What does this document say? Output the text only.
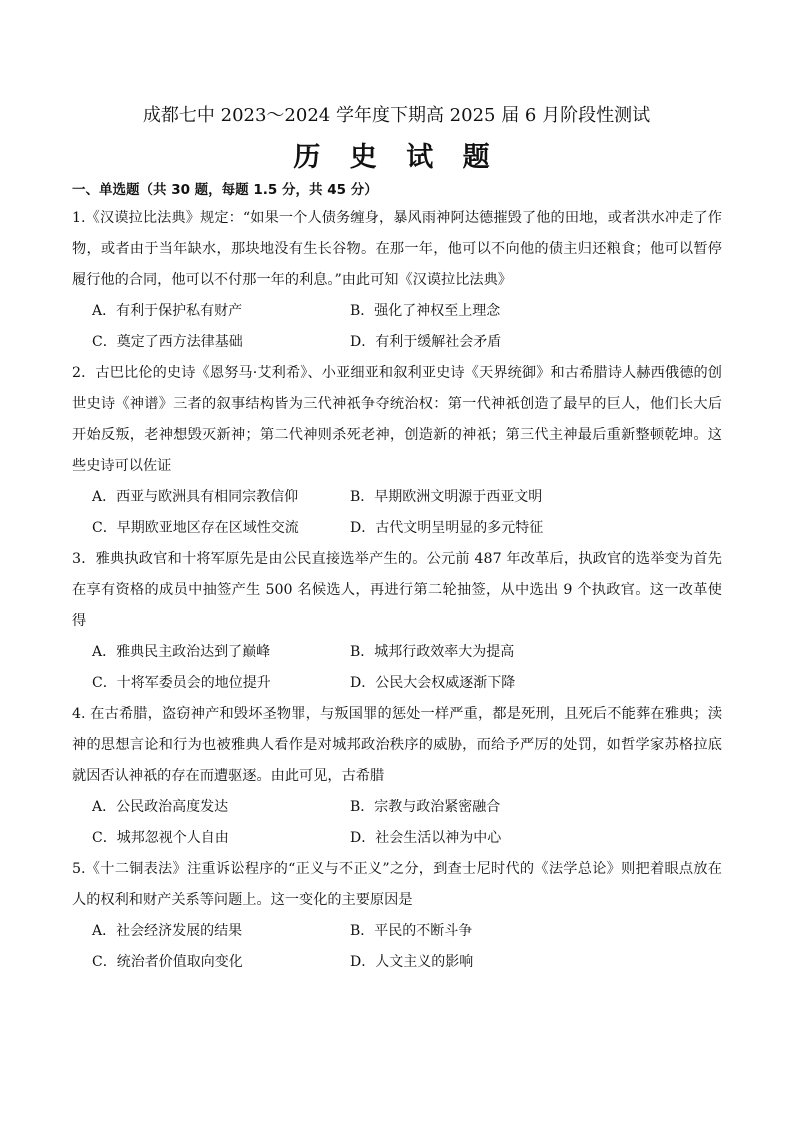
成都七中 2023～2024 学年度下期高 2025 届 6 月阶段性测试
历 史 试 题
一、单选题（共 30 题，每题 1.5 分，共 45 分）

1.《汉谟拉比法典》规定：“如果一个人债务缠身，暴风雨神阿达德摧毁了他的田地，或者洪水冲走了作物，或者由于当年缺水，那块地没有生长谷物。在那一年，他可以不向他的债主归还粮食；他可以暂停履行他的合同，他可以不付那一年的利息。”由此可知《汉谟拉比法典》

A．有利于保护私有财产	B．强化了神权至上理念
C．奠定了西方法律基础	D．有利于缓解社会矛盾

2．古巴比伦的史诗《恩努马·艾利希》、小亚细亚和叙利亚史诗《天界统御》和古希腊诗人赫西俄德的创世史诗《神谱》三者的叙事结构皆为三代神祇争夺统治权：第一代神祇创造了最早的巨人，他们长大后开始反叛，老神想毁灭新神；第二代神则杀死老神，创造新的神祇；第三代主神最后重新整顿乾坤。这些史诗可以佐证

A．西亚与欧洲具有相同宗教信仰	B．早期欧洲文明源于西亚文明
C．早期欧亚地区存在区域性交流	D．古代文明呈明显的多元特征

3．雅典执政官和十将军原先是由公民直接选举产生的。公元前 487 年改革后，执政官的选举变为首先在享有资格的成员中抽签产生 500 名候选人，再进行第二轮抽签，从中选出 9 个执政官。这一改革使得

A．雅典民主政治达到了巅峰	B．城邦行政效率大为提高
C．十将军委员会的地位提升	D．公民大会权威逐渐下降

4. 在古希腊，盗窃神产和毁坏圣物罪，与叛国罪的惩处一样严重，都是死刑，且死后不能葬在雅典；渎神的思想言论和行为也被雅典人看作是对城邦政治秩序的威胁，而给予严厉的处罚，如哲学家苏格拉底就因否认神祇的存在而遭驱逐。由此可见，古希腊

A．公民政治高度发达	B．宗教与政治紧密融合
C．城邦忽视个人自由	D．社会生活以神为中心

5.《十二铜表法》注重诉讼程序的“正义与不正义”之分，到查士尼时代的《法学总论》则把着眼点放在人的权利和财产关系等问题上。这一变化的主要原因是

A．社会经济发展的结果	B．平民的不断斗争
C．统治者价值取向变化	D．人文主义的影响
